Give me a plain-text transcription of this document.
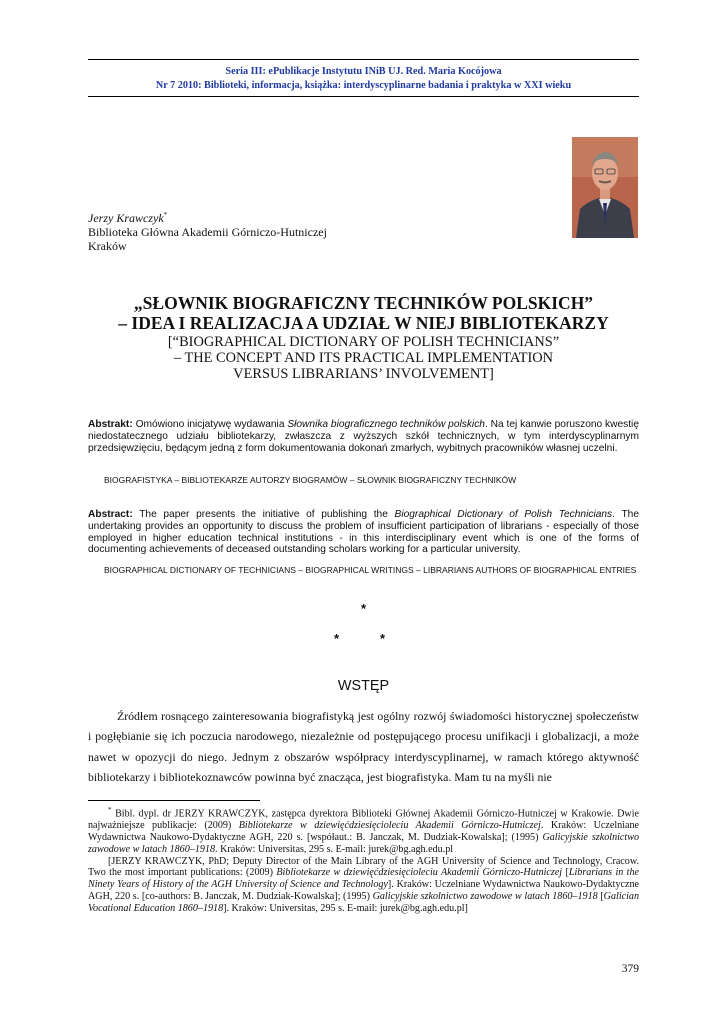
Seria III: ePublikacje Instytutu INiB UJ. Red. Maria Kocójowa
Nr 7 2010: Biblioteki, informacja, książka: interdyscyplinarne badania i praktyka w XXI wieku
Jerzy Krawczyk*
Biblioteka Główna Akademii Górniczo-Hutniczej
Kraków
„SŁOWNIK BIOGRAFICZNY TECHNIKÓW POLSKICH”
– IDEA I REALIZACJA A UDZIAŁ W NIEJ BIBLIOTEKARZY
[“BIOGRAPHICAL DICTIONARY OF POLISH TECHNICIANS”
– THE CONCEPT AND ITS PRACTICAL IMPLEMENTATION
VERSUS LIBRARIANS’ INVOLVEMENT]
Abstrakt: Omówiono inicjatywę wydawania Słownika biograficznego techników polskich. Na tej kanwie poruszono kwestię niedostatecznego udziału bibliotekarzy, zwłaszcza z wyższych szkół technicznych, w tym interdyscyplinarnym przedsięwzięciu, będącym jedną z form dokumentowania dokonań zmarłych, wybitnych pracowników własnej uczelni.
BIOGRAFISTYKA – BIBLIOTEKARZE AUTORZY BIOGRAMÓW – SŁOWNIK BIOGRAFICZNY TECHNIKÓW
Abstract: The paper presents the initiative of publishing the Biographical Dictionary of Polish Technicians. The undertaking provides an opportunity to discuss the problem of insufficient participation of librarians - especially of those employed in higher education technical institutions - in this interdisciplinary event which is one of the forms of documenting achievements of deceased outstanding scholars working for a particular university.
BIOGRAPHICAL DICTIONARY OF TECHNICIANS – BIOGRAPHICAL WRITINGS – LIBRARIANS AUTHORS OF BIOGRAPHICAL ENTRIES
*
*	*
WSTĘP

Źródłem rosnącego zainteresowania biografistyką jest ogólny rozwój świadomości historycznej społeczeństw i pogłębianie się ich poczucia narodowego, niezależnie od postępującego procesu unifikacji i globalizacji, a może nawet w opozycji do niego. Jednym z obszarów współpracy interdyscyplinarnej, w ramach którego aktywność bibliotekarzy i bibliotekoznawców powinna być znacząca, jest biografistyka. Mam tu na myśli nie

* Bibl. dypl. dr JERZY KRAWCZYK, zastępca dyrektora Biblioteki Głównej Akademii Górniczo-Hutniczej w Krakowie. Dwie najważniejsze publikacje: (2009) Bibliotekarze w dziewięćdziesięcioleciu Akademii Górniczo-Hutniczej. Kraków: Uczelniane Wydawnictwa Naukowo-Dydaktyczne AGH, 220 s. [współaut.: B. Janczak, M. Dudziak-Kowalska]; (1995) Galicyjskie szkolnictwo zawodowe w latach 1860–1918. Kraków: Universitas, 295 s. E-mail: jurek@bg.agh.edu.pl

[JERZY KRAWCZYK, PhD; Deputy Director of the Main Library of the AGH University of Science and Technology, Cracow. Two the most important publications: (2009) Bibliotekarze w dziewięćdziesięcioleciu Akademii Górniczo-Hutniczej [Librarians in the Ninety Years of History of the AGH University of Science and Technology]. Kraków: Uczelniane Wydawnictwa Naukowo-Dydaktyczne AGH, 220 s. [co-authors: B. Janczak, M. Dudziak-Kowalska]; (1995) Galicyjskie szkolnictwo zawodowe w latach 1860–1918 [Galician Vocational Education 1860–1918]. Kraków: Universitas, 295 s. E-mail: jurek@bg.agh.edu.pl]

379
